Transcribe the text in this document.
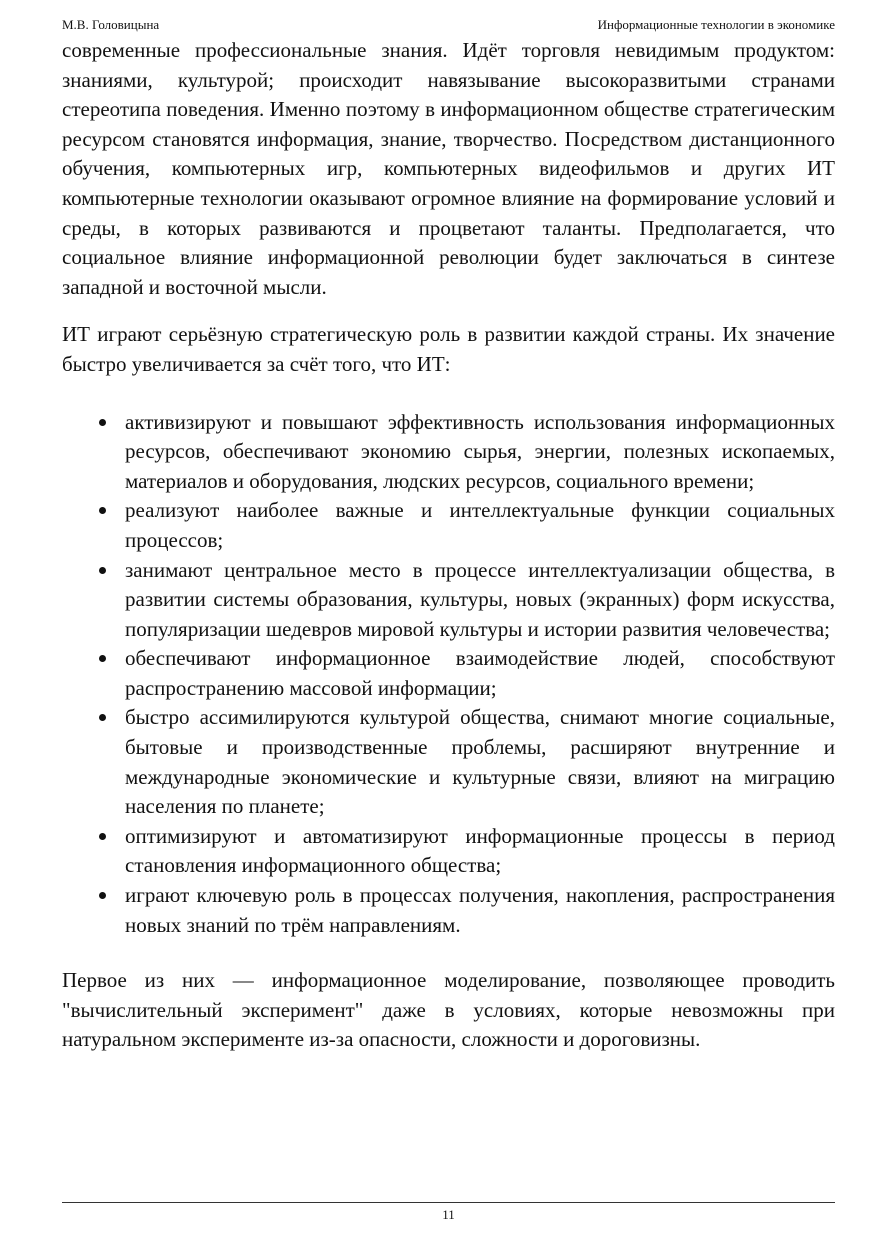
М.В. Головицына	Информационные технологии в экономике

современные профессиональные знания. Идёт торговля невидимым продуктом: знаниями, культурой; происходит навязывание высокоразвитыми странами стереотипа поведения. Именно поэтому в информационном обществе стратегическим ресурсом становятся информация, знание, творчество. Посредством дистанционного обучения, компьютерных игр, компьютерных видеофильмов и других ИТ компьютерные технологии оказывают огромное влияние на формирование условий и среды, в которых развиваются и процветают таланты. Предполагается, что социальное влияние информационной революции будет заключаться в синтезе западной и восточной мысли.

ИТ играют серьёзную стратегическую роль в развитии каждой страны. Их значение быстро увеличивается за счёт того, что ИТ:

активизируют и повышают эффективность использования информационных ресурсов, обеспечивают экономию сырья, энергии, полезных ископаемых, материалов и оборудования, людских ресурсов, социального времени;
реализуют наиболее важные и интеллектуальные функции социальных процессов;
занимают центральное место в процессе интеллектуализации общества, в развитии системы образования, культуры, новых (экранных) форм искусства, популяризации шедевров мировой культуры и истории развития человечества;
обеспечивают информационное взаимодействие людей, способствуют распространению массовой информации;
быстро ассимилируются культурой общества, снимают многие социальные, бытовые и производственные проблемы, расширяют внутренние и международные экономические и культурные связи, влияют на миграцию населения по планете;
оптимизируют и автоматизируют информационные процессы в период становления информационного общества;
играют ключевую роль в процессах получения, накопления, распространения новых знаний по трём направлениям.

Первое из них — информационное моделирование, позволяющее проводить "вычислительный эксперимент" даже в условиях, которые невозможны при натуральном эксперименте из-за опасности, сложности и дороговизны.

11
